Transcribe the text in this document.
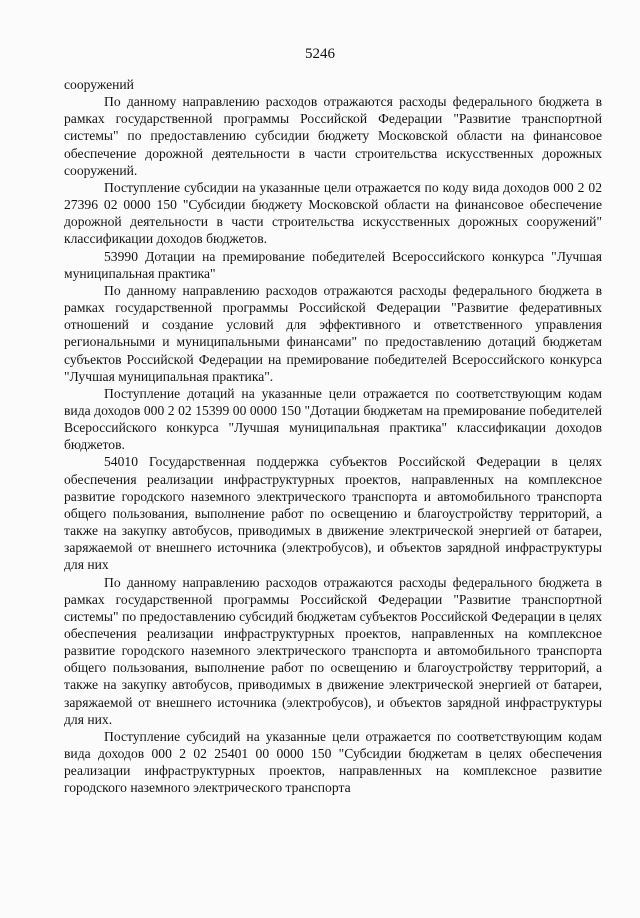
5246

сооружений

По данному направлению расходов отражаются расходы федерального бюджета в рамках государственной программы Российской Федерации "Развитие транспортной системы" по предоставлению субсидии бюджету Московской области на финансовое обеспечение дорожной деятельности в части строительства искусственных дорожных сооружений.

Поступление субсидии на указанные цели отражается по коду вида доходов 000 2 02 27396 02 0000 150 "Субсидии бюджету Московской области на финансовое обеспечение дорожной деятельности в части строительства искусственных дорожных сооружений" классификации доходов бюджетов.

53990 Дотации на премирование победителей Всероссийского конкурса "Лучшая муниципальная практика"

По данному направлению расходов отражаются расходы федерального бюджета в рамках государственной программы Российской Федерации "Развитие федеративных отношений и создание условий для эффективного и ответственного управления региональными и муниципальными финансами" по предоставлению дотаций бюджетам субъектов Российской Федерации на премирование победителей Всероссийского конкурса "Лучшая муниципальная практика".

Поступление дотаций на указанные цели отражается по соответствующим кодам вида доходов 000 2 02 15399 00 0000 150 "Дотации бюджетам на премирование победителей Всероссийского конкурса "Лучшая муниципальная практика" классификации доходов бюджетов.

54010 Государственная поддержка субъектов Российской Федерации в целях обеспечения реализации инфраструктурных проектов, направленных на комплексное развитие городского наземного электрического транспорта и автомобильного транспорта общего пользования, выполнение работ по освещению и благоустройству территорий, а также на закупку автобусов, приводимых в движение электрической энергией от батареи, заряжаемой от внешнего источника (электробусов), и объектов зарядной инфраструктуры для них

По данному направлению расходов отражаются расходы федерального бюджета в рамках государственной программы Российской Федерации "Развитие транспортной системы" по предоставлению субсидий бюджетам субъектов Российской Федерации в целях обеспечения реализации инфраструктурных проектов, направленных на комплексное развитие городского наземного электрического транспорта и автомобильного транспорта общего пользования, выполнение работ по освещению и благоустройству территорий, а также на закупку автобусов, приводимых в движение электрической энергией от батареи, заряжаемой от внешнего источника (электробусов), и объектов зарядной инфраструктуры для них.

Поступление субсидий на указанные цели отражается по соответствующим кодам вида доходов 000 2 02 25401 00 0000 150 "Субсидии бюджетам в целях обеспечения реализации инфраструктурных проектов, направленных на комплексное развитие городского наземного электрического транспорта
